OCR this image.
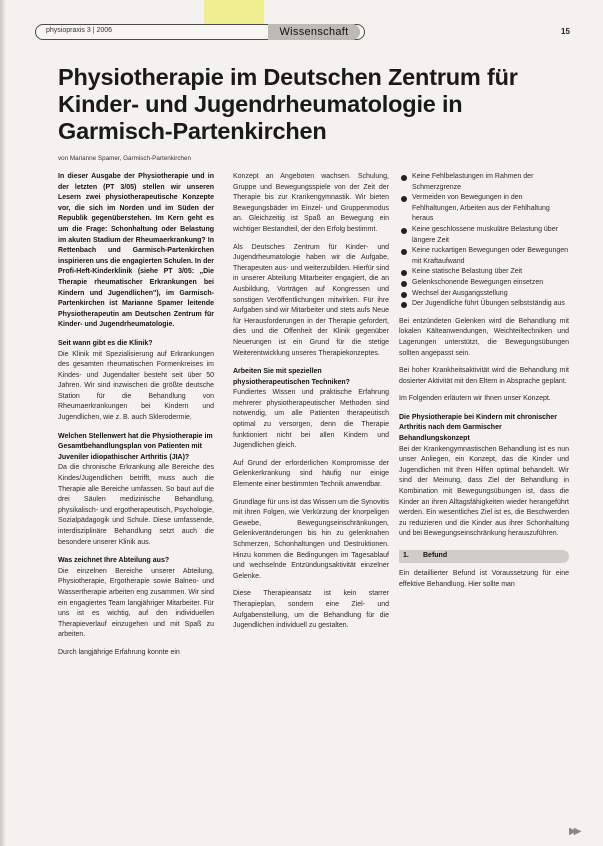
physiopraxis 3 | 2006	Wissenschaft	15
Physiotherapie im Deutschen Zentrum für Kinder- und Jugendrheumatologie in Garmisch-Partenkirchen
von Marianne Spamer, Garmisch-Partenkirchen

In dieser Ausgabe der Physiotherapie und in der letzten (PT 3/05) stellen wir unseren Lesern zwei physiotherapeutische Konzepte vor, die sich im Norden und im Süden der Republik gegenüberstehen. Im Kern geht es um die Frage: Schonhaltung oder Belastung im akuten Stadium der Rheumaerkrankung? In Rettenbach und Garmisch-Partenkirchen inspirieren uns die engagierten Schulen. In der Profi-Heft-Kinderklinik (siehe PT 3/05: „Die Therapie rheumatischer Erkrankungen bei Kindern und Jugendlichen"), im Garmisch-Partenkirchen ist Marianne Spamer leitende Physiotherapeutin am Deutschen Zentrum für Kinder- und Jugendrheumatologie.

Seit wann gibt es die Klinik?

Die Klinik mit Spezialisierung auf Erkrankungen des gesamten rheumatischen Formenkreises im Kindes- und Jugendalter besteht seit über 50 Jahren. Wir sind inzwischen die größte deutsche Station für die Behandlung von Rheumaerkrankungen bei Kindern und Jugendlichen, wie z. B. auch Sklerodermie.

Welchen Stellenwert hat die Physiotherapie im Gesamtbehandlungsplan von Patienten mit Juveniler idiopathischer Arthritis (JIA)?

Da die chronische Erkrankung alle Bereiche des Kindes/Jugendlichen betrifft, muss auch die Therapie alle Bereiche umfassen. So baut auf die drei Säulen medizinische Behandlung, physikalisch- und ergotherapeutisch, Psychologie, Sozialpädagogik und Schule. Diese umfassende, interdisziplinäre Behandlung setzt auch die besondere unserer Klinik aus.

Was zeichnet Ihre Abteilung aus?

Die einzelnen Bereiche unserer Abteilung, Physiotherapie, Ergotherapie sowie Balneo- und Wassertherapie arbeiten eng zusammen. Wir sind ein engagiertes Team langjähriger Mitarbeiter. Für uns ist es wichtig, auf den individuellen Therapieverlauf einzugehen und mit Spaß zu arbeiten.

Durch langjährige Erfahrung konnte ein

Konzept an Angeboten wachsen. Schulung, Gruppe und Bewegungsspiele von der Zeit der Therapie bis zur Krankengymnastik. Wir bieten Bewegungsbäder im Einzel- und Gruppenmodus an. Gleichzeitig ist Spaß an Bewegung ein wichtiger Bestandteil, der den Erfolg bestimmt.

Als Deutsches Zentrum für Kinder- und Jugendrheumatologie haben wir die Aufgabe, Therapeuten aus- und weiterzubilden. Hierfür sind in unserer Abteilung Mitarbeiter engagiert, die an Ausbildung, Vorträgen auf Kongressen und sonstigen Veröffentlichungen mitwirken. Für ihre Aufgaben sind wir Mitarbeiter und stets aufs Neue für Herausforderungen in der Therapie gefordert, dies und die Offenheit der Klinik gegenüber Neuerungen ist ein Grund für die stetige Weiterentwicklung unseres Therapiekonzeptes.

Arbeiten Sie mit speziellen physiotherapeutischen Techniken?

Fundiertes Wissen und praktische Erfahrung mehrerer physiotherapeutischer Methoden sind notwendig, um alle Patienten therapeutisch optimal zu versorgen, denn die Therapie funktioniert nicht bei allen Kindern und Jugendlichen gleich.

Auf Grund der erforderlichen Kompromisse der Gelenkerkrankung sind häufig nur einige Elemente einer bestimmten Technik anwendbar.

Grundlage für uns ist das Wissen um die Synovitis mit ihren Folgen, wie Verkürzung der knorpeligen Gewebe, Bewegungseinschränkungen, Gelenkveränderungen bis hin zu gelenknahen Schmerzen, Schonhaltungen und Destruktionen. Hinzu kommen die Bedingungen im Tagesablauf und wechselnde Entzündungsaktivität einzelner Gelenke.

Diese Therapieansatz ist kein starrer Therapieplan, sondern eine Ziel- und Aufgabenstellung, um die Behandlung für die Jugendlichen individuell zu gestalten.

Keine Fehlbelastungen im Rahmen der Schmerzgrenze
Vermeiden von Bewegungen in den Fehlhaltungen, Arbeiten aus der Fehlhaltung heraus
Keine geschlossene muskuläre Belastung über längere Zeit
Keine ruckartigen Bewegungen oder Bewegungen mit Kraftaufwand
Keine statische Belastung über Zeit
Gelenkschonende Bewegungen einsetzen
Wechsel der Ausgangsstellung
Der Jugendliche führt Übungen selbstständig aus

Bei entzündeten Gelenken wird die Behandlung mit lokalen Kälteanwendungen, Weichteiltechniken und Lagerungen unterstützt, die Bewegungsübungen sollten angepasst sein.

Bei hoher Krankheitsaktivität wird die Behandlung mit dosierter Aktivität mit den Eltern in Absprache geplant.

Im Folgenden erläutern wir Ihnen unser Konzept.

Die Physiotherapie bei Kindern mit chronischer Arthritis nach dem Garmischer Behandlungskonzept

Bei der Krankengymnastischen Behandlung ist es nun unser Anliegen, ein Konzept, das die Kinder und Jugendlichen mit Ihren Hilfen optimal behandelt. Wir sind der Meinung, dass Ziel der Behandlung in Kombination mit Bewegungsübungen ist, dass die Kinder an ihren Alltagsfähigkeiten wieder herangeführt werden. Ein wesentliches Ziel ist es, die Beschwerden zu reduzieren und die Kinder aus ihrer Schonhaltung und bei Bewegungseinschränkung herauszuführen.

1.	Befund

Ein detaillierter Befund ist Voraussetzung für eine effektive Behandlung. Hier sollte man

▶▶
